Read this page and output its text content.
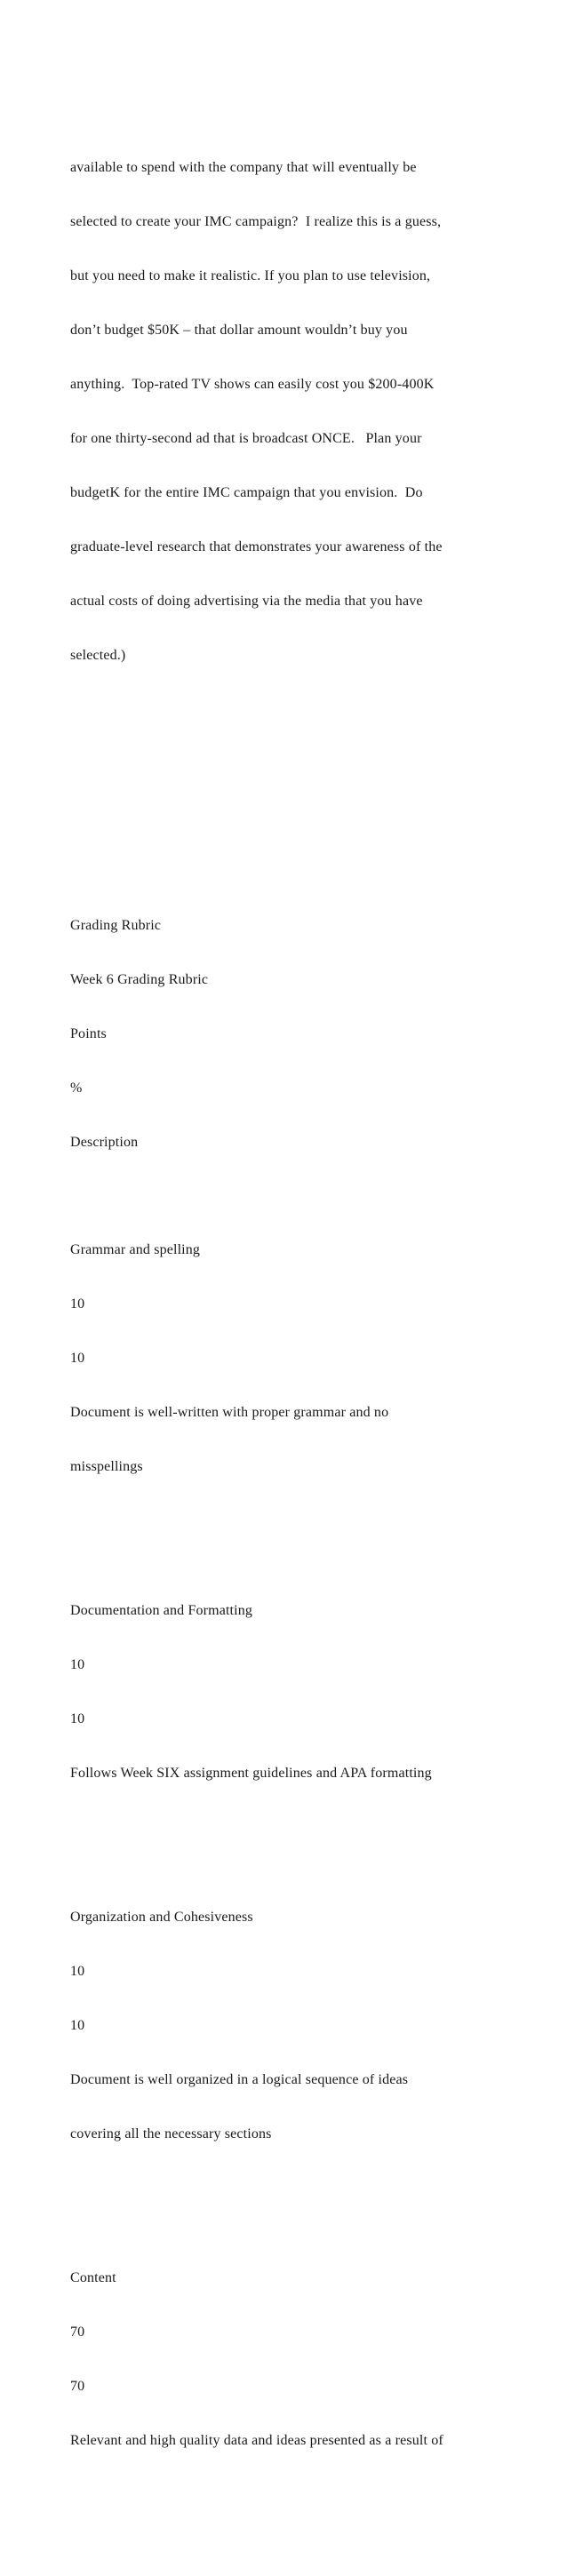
available to spend with the company that will eventually be

selected to create your IMC campaign?  I realize this is a guess,

but you need to make it realistic. If you plan to use television,

don’t budget $50K – that dollar amount wouldn’t buy you

anything.  Top-rated TV shows can easily cost you $200-400K

for one thirty-second ad that is broadcast ONCE.   Plan your

budgetK for the entire IMC campaign that you envision.  Do

graduate-level research that demonstrates your awareness of the

actual costs of doing advertising via the media that you have

selected.)

Grading Rubric

Week 6 Grading Rubric

Points

%

Description

Grammar and spelling

10

10

Document is well-written with proper grammar and no

misspellings

Documentation and Formatting

10

10

Follows Week SIX assignment guidelines and APA formatting

Organization and Cohesiveness

10

10

Document is well organized in a logical sequence of ideas

covering all the necessary sections

Content

70

70

Relevant and high quality data and ideas presented as a result of
